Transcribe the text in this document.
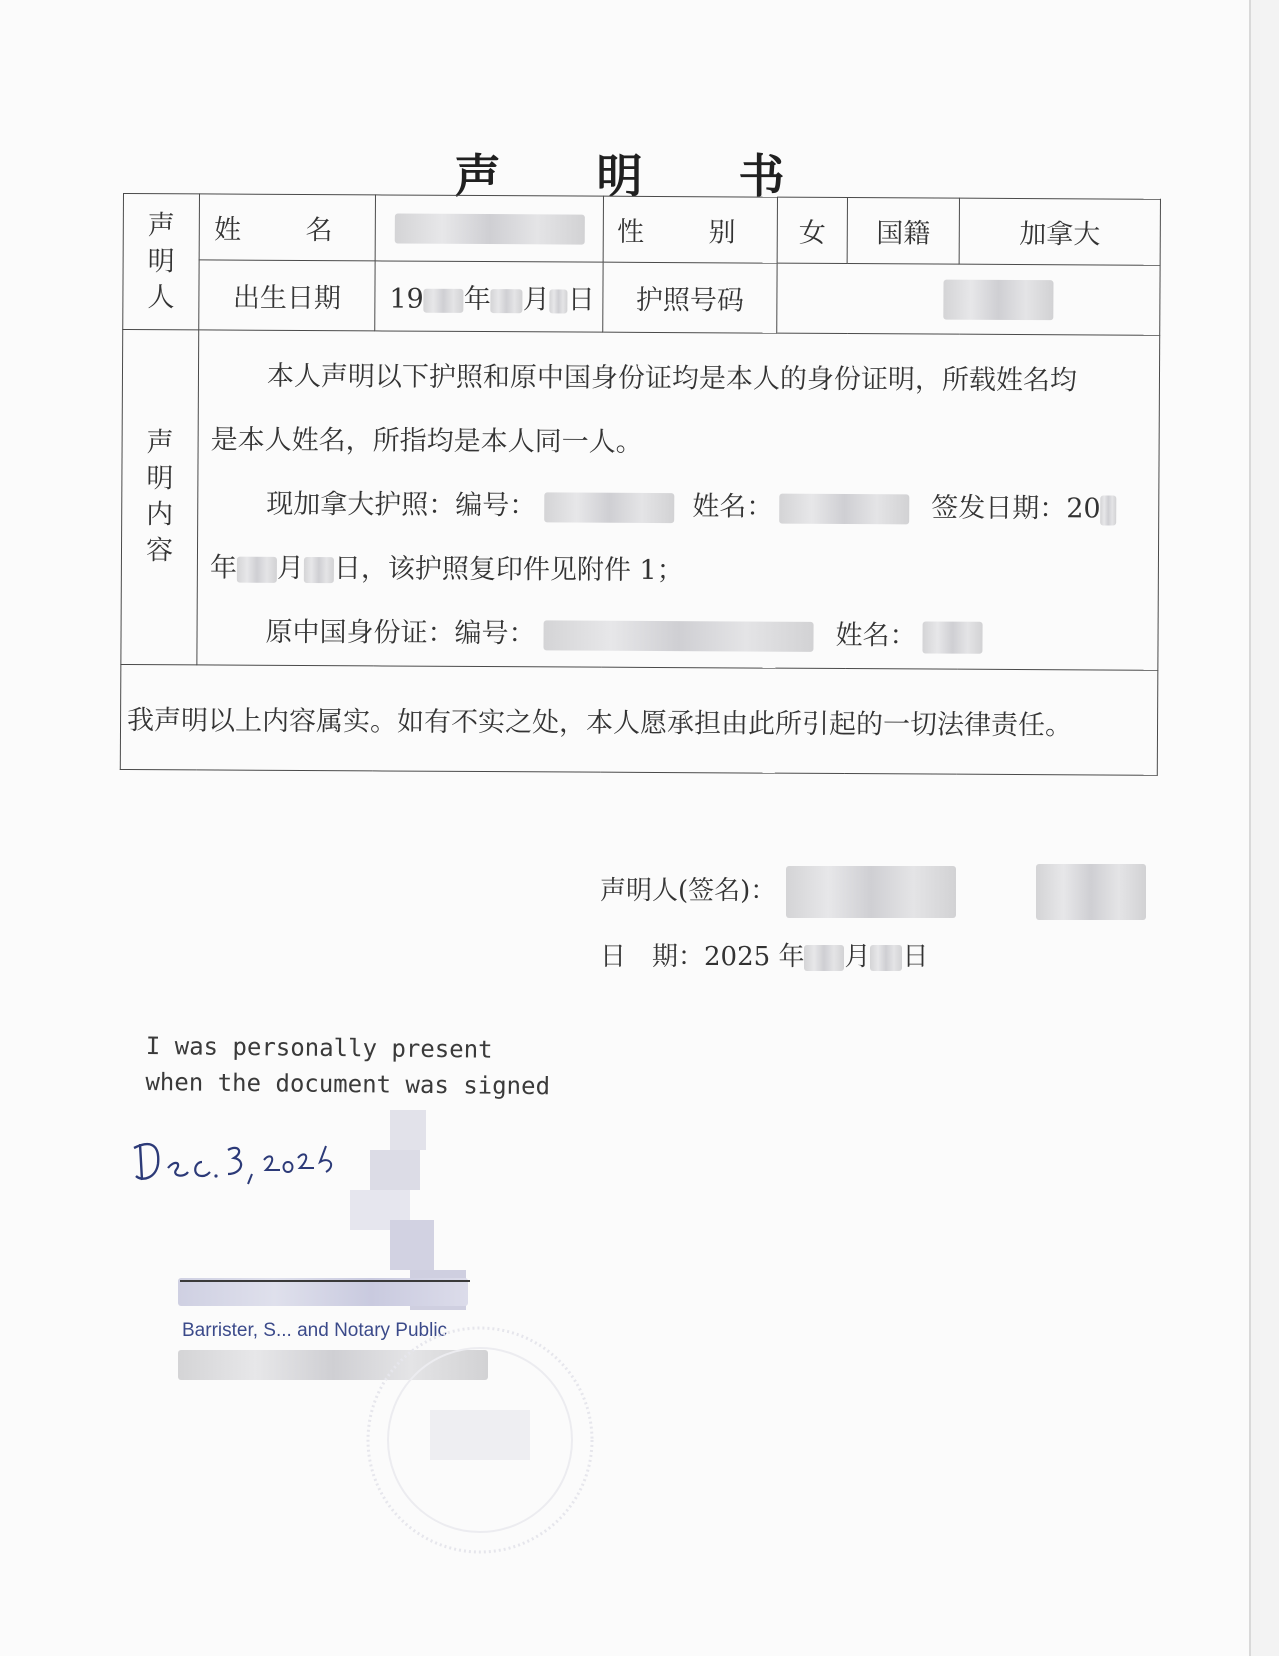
声 明 书
声明人	姓 名		性 别	女	国籍	加拿大
	出生日期	19 年 月 日	护照号码			

声明内容	本人声明以下护照和原中国身份证均是本人的身份证明，所载姓名均
是本人姓名，所指均是本人同一人。
现加拿大护照：编号： 姓名： 签发日期：20
年 月 日，该护照复印件见附件 1；
原中国身份证：编号： 姓名：					

我声明以上内容属实。如有不实之处，本人愿承担由此所引起的一切法律责任。						
声明人(签名)：
日　期：2025 年 月 日
I was personally present
when the document was signed
Barrister, S... and Notary Public
